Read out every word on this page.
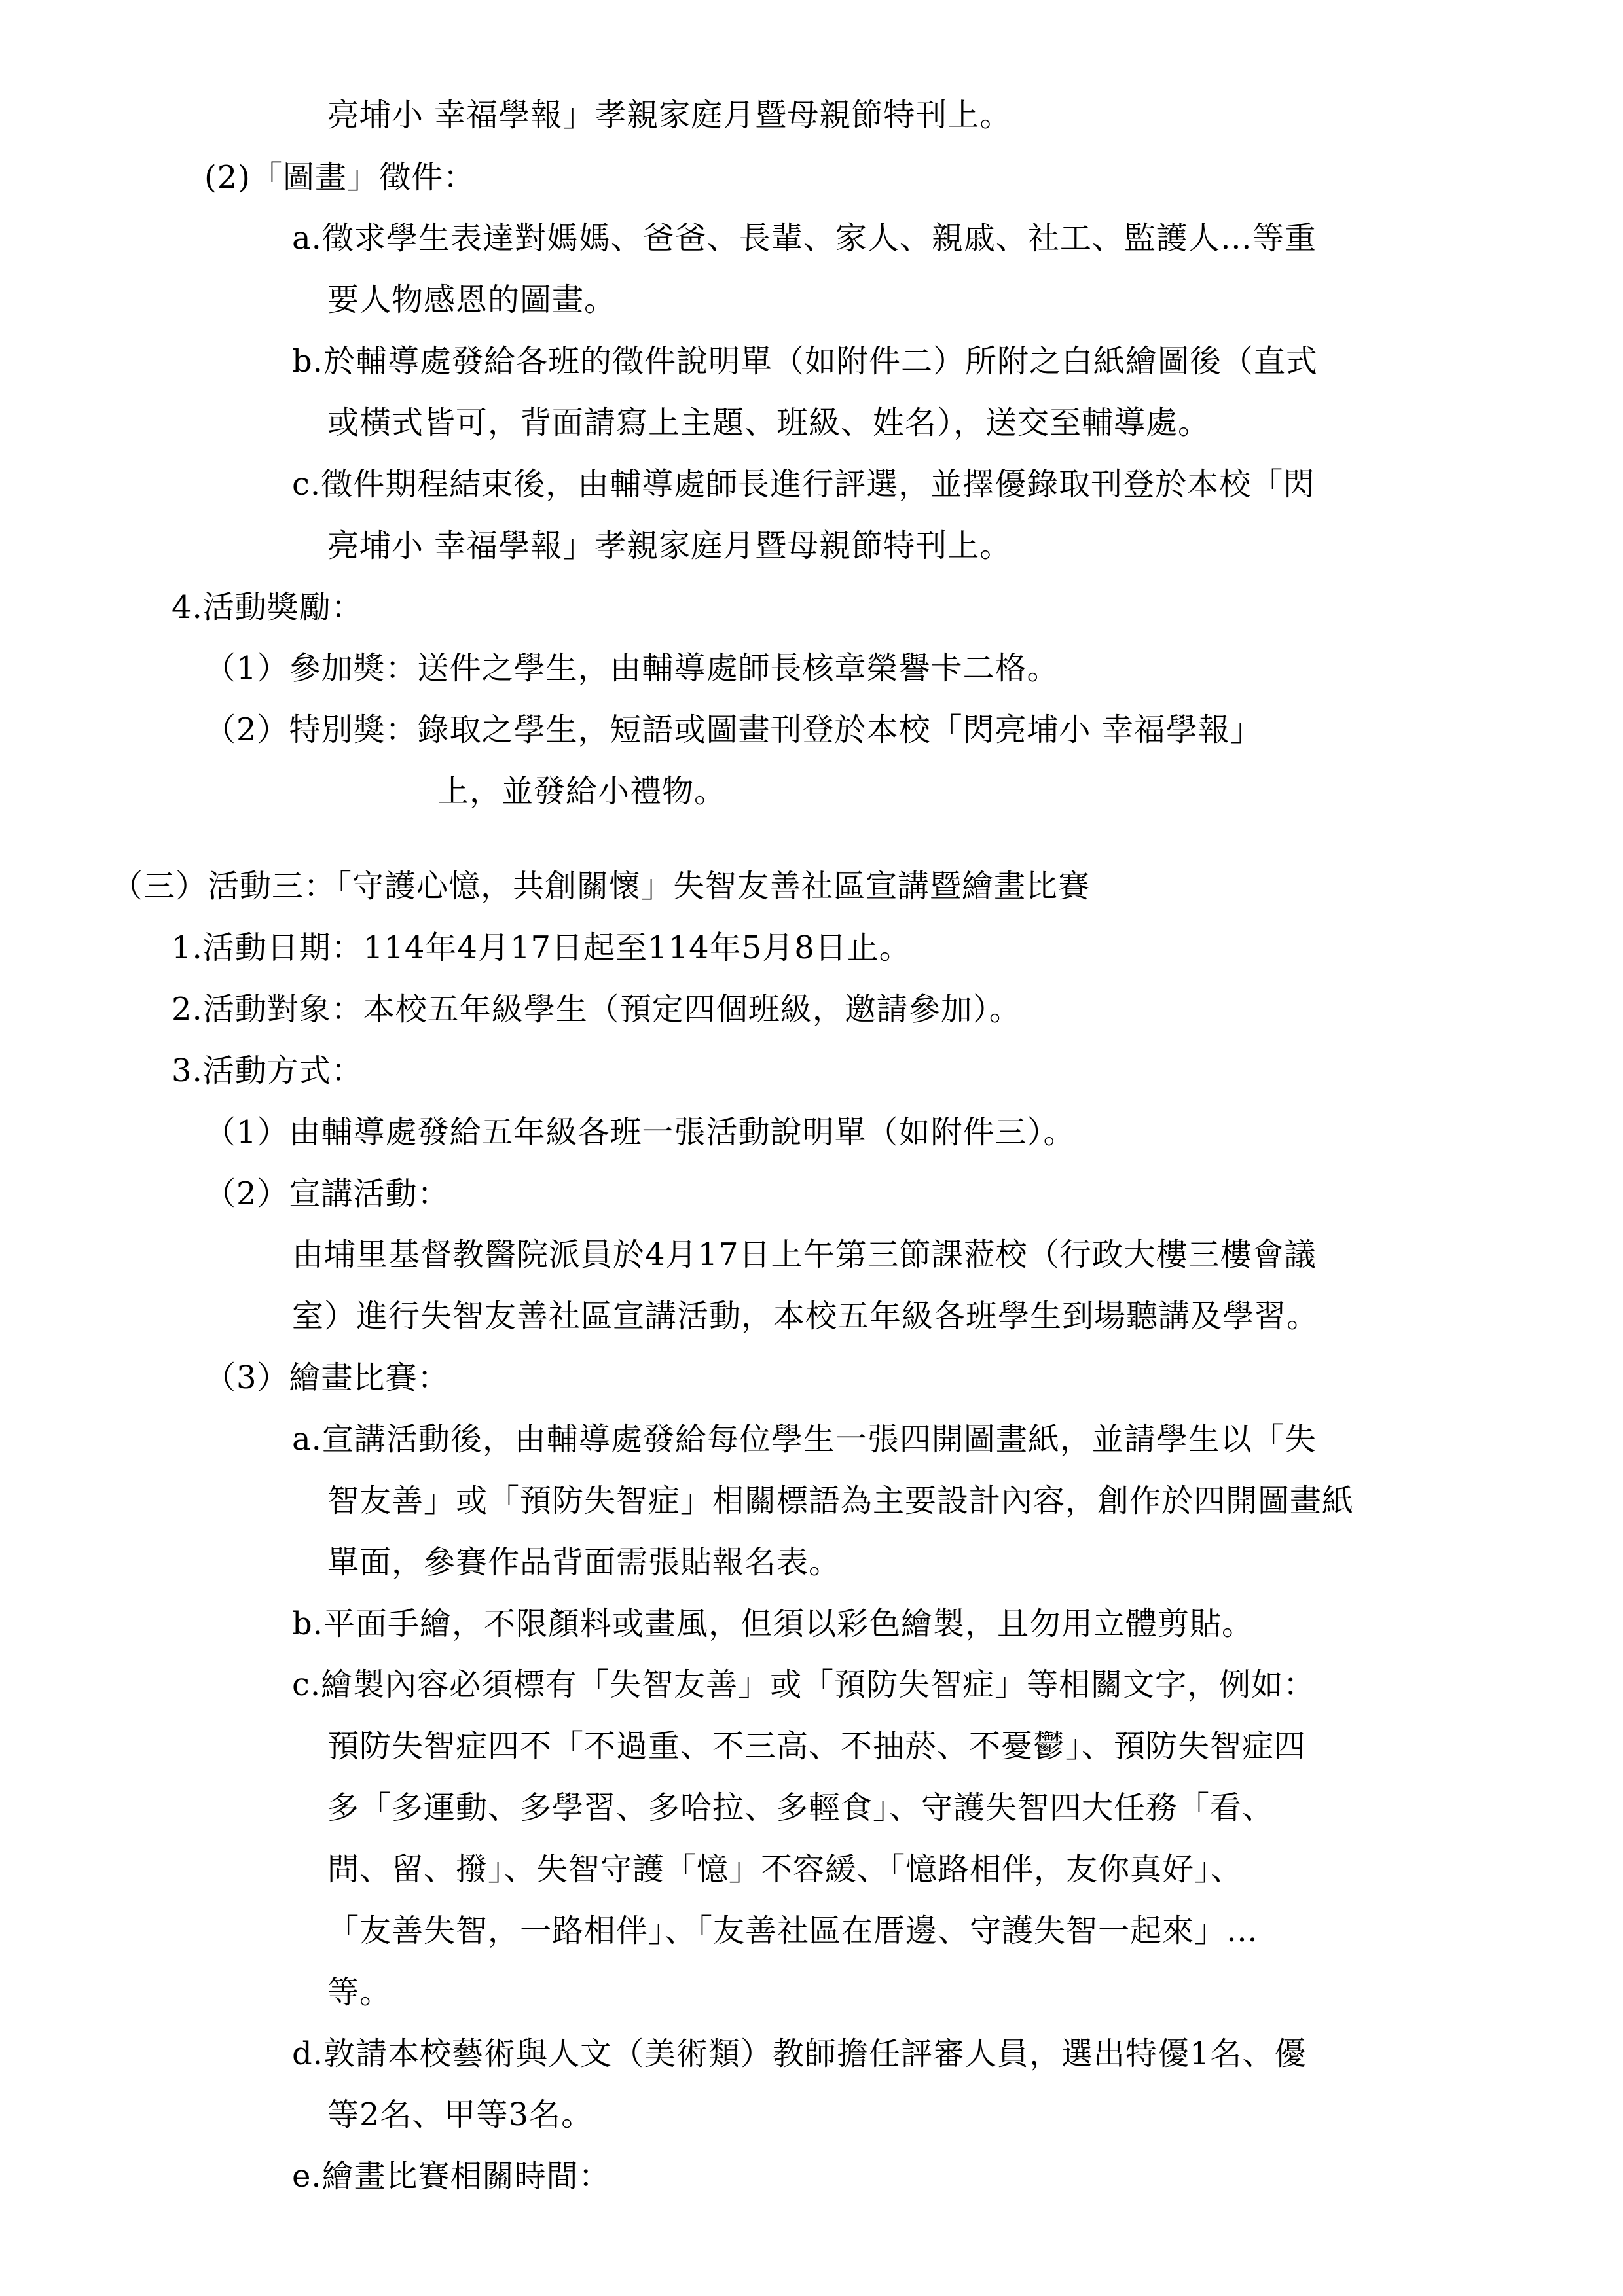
亮埔小 幸福學報」孝親家庭月暨母親節特刊上。
(2)「圖畫」徵件：
a.徵求學生表達對媽媽、爸爸、長輩、家人、親戚、社工、監護人…等重
要人物感恩的圖畫。
b.於輔導處發給各班的徵件說明單（如附件二）所附之白紙繪圖後（直式
或橫式皆可，背面請寫上主題、班級、姓名），送交至輔導處。
c.徵件期程結束後，由輔導處師長進行評選，並擇優錄取刊登於本校「閃
亮埔小 幸福學報」孝親家庭月暨母親節特刊上。
4.活動獎勵：
（1）參加獎：送件之學生，由輔導處師長核章榮譽卡二格。
（2）特別獎：錄取之學生，短語或圖畫刊登於本校「閃亮埔小 幸福學報」
上，並發給小禮物。
（三）活動三：「守護心憶，共創關懷」失智友善社區宣講暨繪畫比賽
1.活動日期：114年4月17日起至114年5月8日止。
2.活動對象：本校五年級學生（預定四個班級，邀請參加）。
3.活動方式：
（1）由輔導處發給五年級各班一張活動說明單（如附件三）。
（2）宣講活動：
由埔里基督教醫院派員於4月17日上午第三節課蒞校（行政大樓三樓會議
室）進行失智友善社區宣講活動，本校五年級各班學生到場聽講及學習。
（3）繪畫比賽：
a.宣講活動後，由輔導處發給每位學生一張四開圖畫紙，並請學生以「失
智友善」或「預防失智症」相關標語為主要設計內容，創作於四開圖畫紙
單面，參賽作品背面需張貼報名表。
b.平面手繪，不限顏料或畫風，但須以彩色繪製，且勿用立體剪貼。
c.繪製內容必須標有「失智友善」或「預防失智症」等相關文字，例如：
預防失智症四不「不過重、不三高、不抽菸、不憂鬱」、預防失智症四
多「多運動、多學習、多哈拉、多輕食」、守護失智四大任務「看、
問、留、撥」、失智守護「憶」不容緩、「憶路相伴，友你真好」、
「友善失智，一路相伴」、「友善社區在厝邊、守護失智一起來」…
等。
d.敦請本校藝術與人文（美術類）教師擔任評審人員，選出特優1名、優
等2名、甲等3名。
e.繪畫比賽相關時間：
